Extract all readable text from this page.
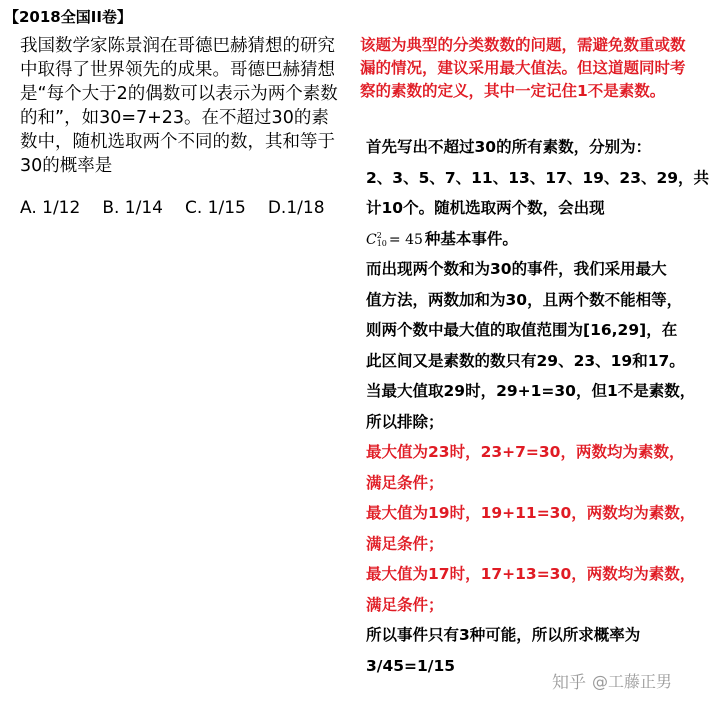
【2018全国II卷】
我国数学家陈景润在哥德巴赫猜想的研究中取得了世界领先的成果。哥德巴赫猜想是“每个大于2的偶数可以表示为两个素数的和”，如30=7+23。在不超过30的素数中，随机选取两个不同的数，其和等于30的概率是
A. 1/12 B. 1/14 C. 1/15 D.1/18
该题为典型的分类数数的问题，需避免数重或数漏的情况，建议采用最大值法。但这道题同时考察的素数的定义，其中一定记住1不是素数。
首先写出不超过30的所有素数，分别为：
2、3、5、7、11、13、17、19、23、29，共
计10个。随机选取两个数，会出现
C 2
10 = 45 种基本事件。
而出现两个数和为30的事件，我们采用最大
值方法，两数加和为30，且两个数不能相等，
则两个数中最大值的取值范围为[16,29]，在
此区间又是素数的数只有29、23、19和17。
当最大值取29时，29+1=30，但1不是素数，
所以排除；
最大值为23时，23+7=30，两数均为素数，
满足条件；
最大值为19时，19+11=30，两数均为素数，
满足条件；
最大值为17时，17+13=30，两数均为素数，
满足条件；
所以事件只有3种可能，所以所求概率为
3/45=1/15
知乎 @工藤正男
